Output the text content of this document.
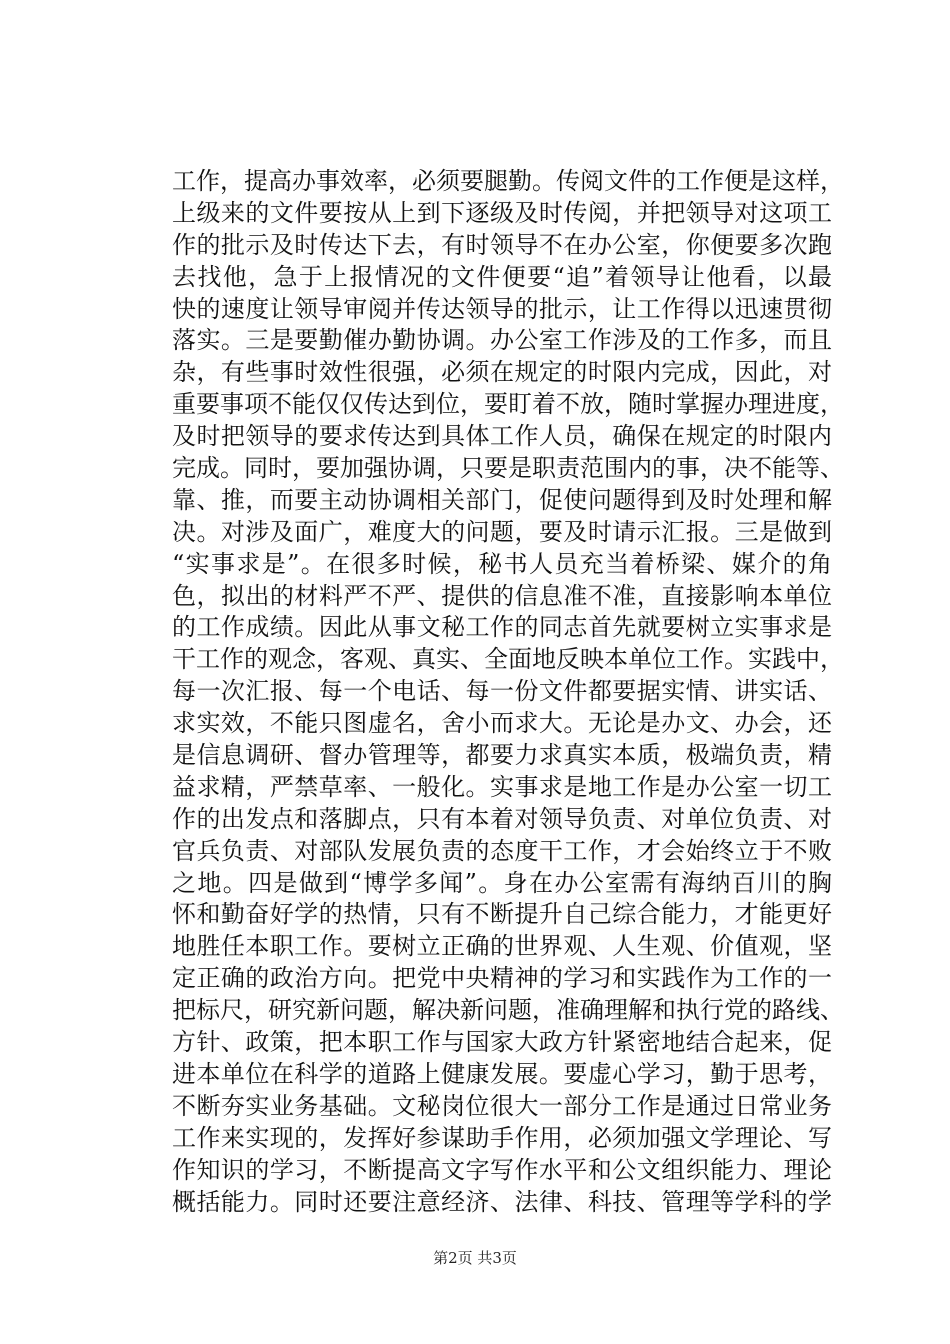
工作，提高办事效率，必须要腿勤。传阅文件的工作便是这样，
上级来的文件要按从上到下逐级及时传阅，并把领导对这项工
作的批示及时传达下去，有时领导不在办公室，你便要多次跑
去找他，急于上报情况的文件便要“追”着领导让他看，以最
快的速度让领导审阅并传达领导的批示，让工作得以迅速贯彻
落实。三是要勤催办勤协调。办公室工作涉及的工作多，而且
杂，有些事时效性很强，必须在规定的时限内完成，因此，对
重要事项不能仅仅传达到位，要盯着不放，随时掌握办理进度，
及时把领导的要求传达到具体工作人员，确保在规定的时限内
完成。同时，要加强协调，只要是职责范围内的事，决不能等、
靠、推，而要主动协调相关部门，促使问题得到及时处理和解
决。对涉及面广，难度大的问题，要及时请示汇报。三是做到
“实事求是”。在很多时候，秘书人员充当着桥梁、媒介的角
色，拟出的材料严不严、提供的信息准不准，直接影响本单位
的工作成绩。因此从事文秘工作的同志首先就要树立实事求是
干工作的观念，客观、真实、全面地反映本单位工作。实践中，
每一次汇报、每一个电话、每一份文件都要据实情、讲实话、
求实效，不能只图虚名，舍小而求大。无论是办文、办会，还
是信息调研、督办管理等，都要力求真实本质，极端负责，精
益求精，严禁草率、一般化。实事求是地工作是办公室一切工
作的出发点和落脚点，只有本着对领导负责、对单位负责、对
官兵负责、对部队发展负责的态度干工作，才会始终立于不败
之地。四是做到“博学多闻”。身在办公室需有海纳百川的胸
怀和勤奋好学的热情，只有不断提升自己综合能力，才能更好
地胜任本职工作。要树立正确的世界观、人生观、价值观，坚
定正确的政治方向。把党中央精神的学习和实践作为工作的一
把标尺，研究新问题，解决新问题，准确理解和执行党的路线、
方针、政策，把本职工作与国家大政方针紧密地结合起来，促
进本单位在科学的道路上健康发展。要虚心学习，勤于思考，
不断夯实业务基础。文秘岗位很大一部分工作是通过日常业务
工作来实现的，发挥好参谋助手作用，必须加强文学理论、写
作知识的学习，不断提高文字写作水平和公文组织能力、理论
概括能力。同时还要注意经济、法律、科技、管理等学科的学
第2页 共3页
